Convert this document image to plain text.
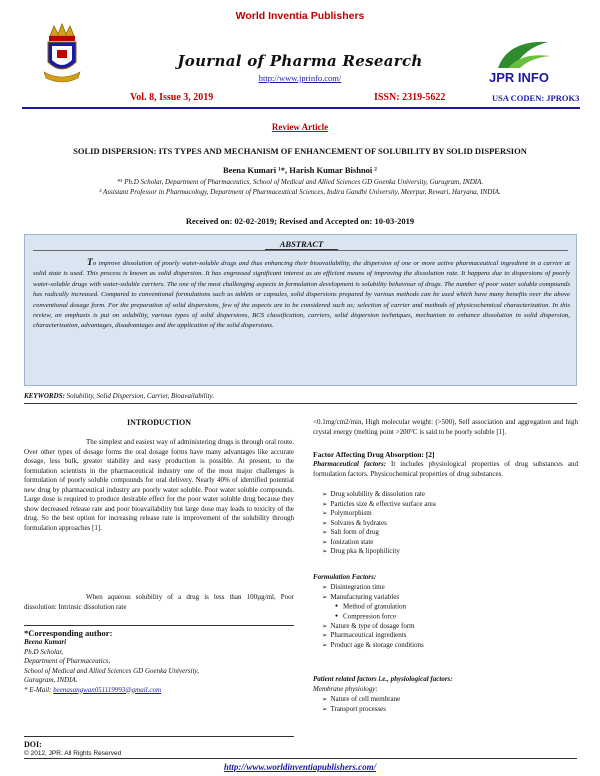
World Inventia Publishers
Journal of Pharma Research
http://www.jprinfo.com/	JPR INFO
Vol. 8, Issue 3, 2019	ISSN: 2319-5622	USA CODEN: JPROK3
Review Article
SOLID DISPERSION: ITS TYPES AND MECHANISM OF ENHANCEMENT OF SOLUBILITY BY SOLID DISPERSION
Beena Kumari ¹*, Harish Kumar Bishnoi ²
*¹ Ph.D Scholar, Department of Pharmaceutics, School of Medical and Allied Sciences GD Goenka University, Gurugram, INDIA.
² Assistant Professor in Pharmacology, Department of Pharmaceutical Sciences, Indira Gandhi University, Meerpur, Rewari, Haryana, INDIA.
Received on: 02-02-2019; Revised and Accepted on: 10-03-2019
ABSTRACT
To improve dissolution of poorly water-soluble drugs and thus enhancing their bioavailability, the dispersion of one or more active pharmaceutical ingredient in a carrier at solid state is used. This process is known as solid dispersion. It has engrossed significant interest as an efficient means of improving the dissolution rate. It happens due to dispersions of poorly water-soluble drugs with water-soluble carriers. The one of the most challenging aspects in formulation development is solubility behaviour of drugs. The number of poor water soluble compounds has radically increased. Compared to conventional formulations such as tablets or capsules, solid dispersions prepared by various methods can be used which have many benefits over the above conventional dosage form. For the preparation of solid dispersions, few of the aspects are to be considered such as; selection of carrier and methods of physicochemical characterization. In this review, an emphasis is put on solubility, various types of solid dispersions, BCS classification, carriers, solid dispersion techniques, mechanism to enhance dissolution in solid dispersion, characterization, advantages, disadvantages and the application of the solid dispersions.
KEYWORDS: Solubility, Solid Dispersion, Carrier, Bioavailability.
INTRODUCTION
The simplest and easiest way of administering drugs is through oral route. Over other types of dosage forms the oral dosage forms have many advantages like accurate dosage, less bulk, greater stability and easy production is possible. At present, to the formulation scientists in the pharmaceutical industry one of the most major challenges is formulation of poorly soluble compounds for oral delivery. Nearly 40% of identified potential new drug by pharmaceutical industry are poorly water soluble. Poor water soluble compounds. Large dose is required to produce desirable effect for the poor water soluble drug because they show decreased release rate and poor bioavailability but large dose may leads to toxicity of the drug. So the best option for increasing release rate is improvement of the solubility through formulation approaches [1].
When aqueous solubility of a drug is less than 100µg/ml, Poor dissolution: Intrinsic dissolution rate
*Corresponding author:
Beena Kumari
Ph.D Scholar,
Department of Pharmaceutics,
School of Medical and Allied Sciences GD Goenka University,
Gurugram, INDIA.
* E-Mail: beenasangwan051119993@gmail.com
DOI:
<0.1mg/cm2/min, High molecular weight: (>500), Self association and aggregation and high crystal energy (melting point >200°C is said to be poorly soluble [1].
Factor Affecting Drug Absorption: [2]
Pharmaceutical factors: It includes physiological properties of drug substances and formulation factors. Physicochemical properties of drug substances.
➢ Drug solubility & dissolution rate
➢ Particles size & effective surface area
➢ Polymorphism
➢ Solvates & hydrates
➢ Salt form of drug
➢ Ionization state
➢ Drug pka & lipophilicity
Formulation Factors:
➢ Disintegration time
➢ Manufacturing variables
● Method of granulation
● Compression force
➢ Nature & type of dosage form
➢ Pharmaceutical ingredients
➢ Product age & storage conditions
Patient related factors i.e., physiological factors:
Membrane physiology:
➢ Nature of cell membrane
➢ Transport processes
© 2012, JPR. All Rights Reserved
http://www.worldinventiapublishers.com/
